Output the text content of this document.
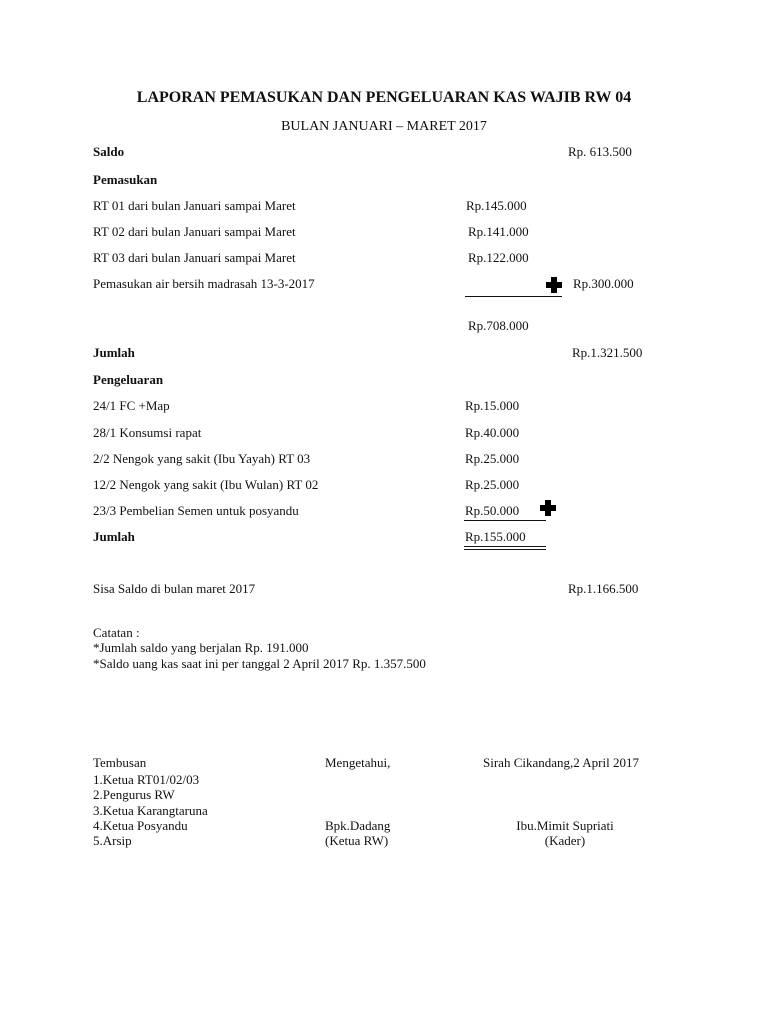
LAPORAN PEMASUKAN DAN PENGELUARAN KAS WAJIB RW 04
BULAN JANUARI – MARET 2017
Saldo	Rp. 613.500
Pemasukan
RT 01 dari bulan Januari sampai Maret	Rp.145.000
RT 02 dari bulan Januari sampai Maret	Rp.141.000
RT 03 dari bulan Januari sampai Maret	Rp.122.000
Pemasukan air bersih madrasah 13-3-2017	Rp.300.000
Rp.708.000
Jumlah	Rp.1.321.500
Pengeluaran
24/1 FC +Map	Rp.15.000
28/1 Konsumsi rapat	Rp.40.000
2/2 Nengok yang sakit (Ibu Yayah) RT 03	Rp.25.000
12/2 Nengok yang sakit (Ibu Wulan) RT 02	Rp.25.000
23/3 Pembelian Semen untuk posyandu	Rp.50.000
Jumlah	Rp.155.000
Sisa Saldo di bulan maret 2017	Rp.1.166.500
Catatan :
*Jumlah saldo yang berjalan Rp. 191.000
*Saldo uang kas saat ini per tanggal 2 April 2017 Rp. 1.357.500
Tembusan
1.Ketua RT01/02/03
2.Pengurus RW
3.Ketua Karangtaruna
4.Ketua Posyandu
5.Arsip
Mengetahui,
Bpk.Dadang
(Ketua RW)
Sirah Cikandang,2 April 2017
Ibu.Mimit Supriati
(Kader)
